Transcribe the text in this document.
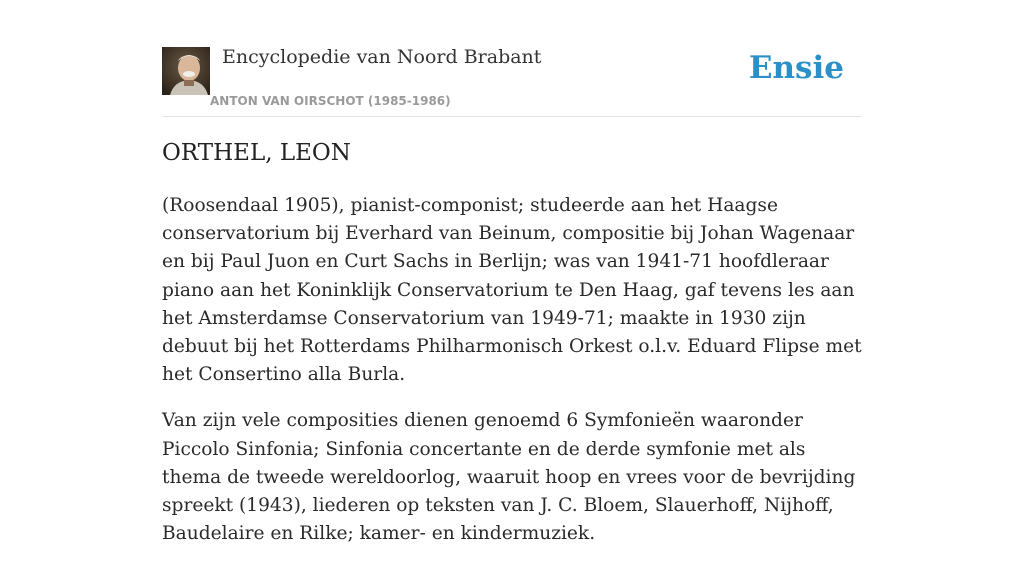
Encyclopedie van Noord Brabant
ANTON VAN OIRSCHOT (1985-1986)
Ensie
ORTHEL, LEON

(Roosendaal 1905), pianist-componist; studeerde aan het Haagse conservatorium bij Everhard van Beinum, compositie bij Johan Wagenaar en bij Paul Juon en Curt Sachs in Berlijn; was van 1941-71 hoofdleraar piano aan het Koninklijk Conservatorium te Den Haag, gaf tevens les aan het Amsterdamse Conservatorium van 1949-71; maakte in 1930 zijn debuut bij het Rotterdams Philharmonisch Orkest o.l.v. Eduard Flipse met het Consertino alla Burla.

Van zijn vele composities dienen genoemd 6 Symfonieën waaronder Piccolo Sinfonia; Sinfonia concertante en de derde symfonie met als thema de tweede wereldoorlog, waaruit hoop en vrees voor de bevrijding spreekt (1943), liederen op teksten van J. C. Bloem, Slauerhoff, Nijhoff, Baudelaire en Rilke; kamer- en kindermuziek.
